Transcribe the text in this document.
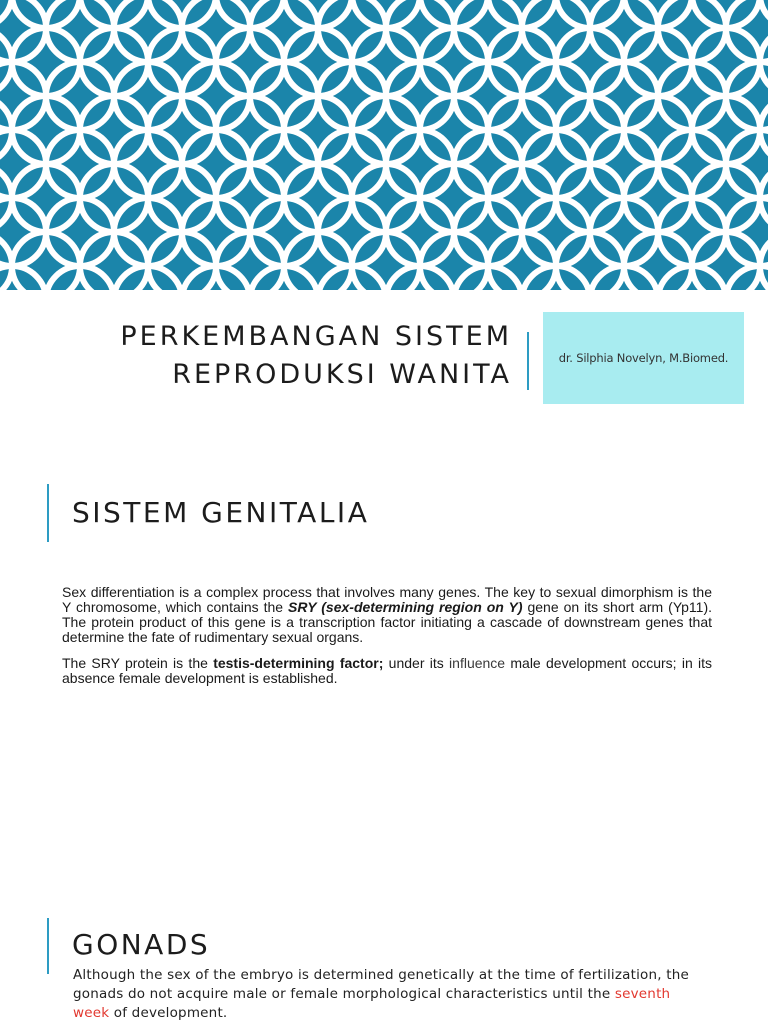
PERKEMBANGAN SISTEM
REPRODUKSI WANITA
dr. Silphia Novelyn, M.Biomed.
SISTEM GENITALIA

Sex differentiation is a complex process that involves many genes. The key to sexual dimorphism is the Y chromosome, which contains the SRY (sex-determining region on Y) gene on its short arm (Yp11). The protein product of this gene is a transcription factor initiating a cascade of downstream genes that determine the fate of rudimentary sexual organs.

The SRY protein is the testis-determining factor; under its influence male development occurs; in its absence female development is established.

GONADS
Although the sex of the embryo is determined genetically at the time of fertilization, the gonads do not acquire male or female morphological characteristics until the seventh week of development.
